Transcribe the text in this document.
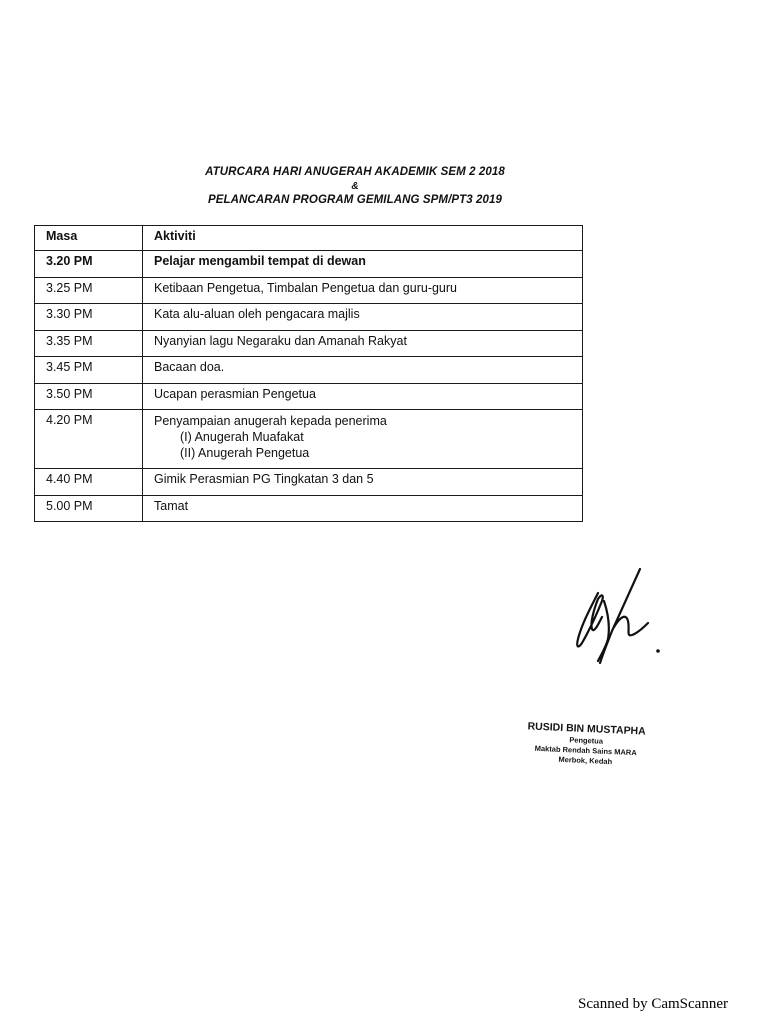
ATURCARA HARI ANUGERAH AKADEMIK SEM 2 2018
&
PELANCARAN PROGRAM GEMILANG SPM/PT3 2019
Masa	Aktiviti
3.20 PM	Pelajar mengambil tempat di dewan
3.25 PM	Ketibaan Pengetua, Timbalan Pengetua dan guru-guru
3.30 PM	Kata alu-aluan oleh pengacara majlis
3.35 PM	Nyanyian lagu Negaraku dan Amanah Rakyat
3.45 PM	Bacaan doa.
3.50 PM	Ucapan perasmian Pengetua
4.20 PM	Penyampaian anugerah kepada penerima
(I) Anugerah Muafakat
(II) Anugerah Pengetua

4.40 PM	Gimik Perasmian PG Tingkatan 3 dan 5
5.00 PM	Tamat
RUSIDI BIN MUSTAPHA
Pengetua
Maktab Rendah Sains MARA
Merbok, Kedah
Scanned by CamScanner
